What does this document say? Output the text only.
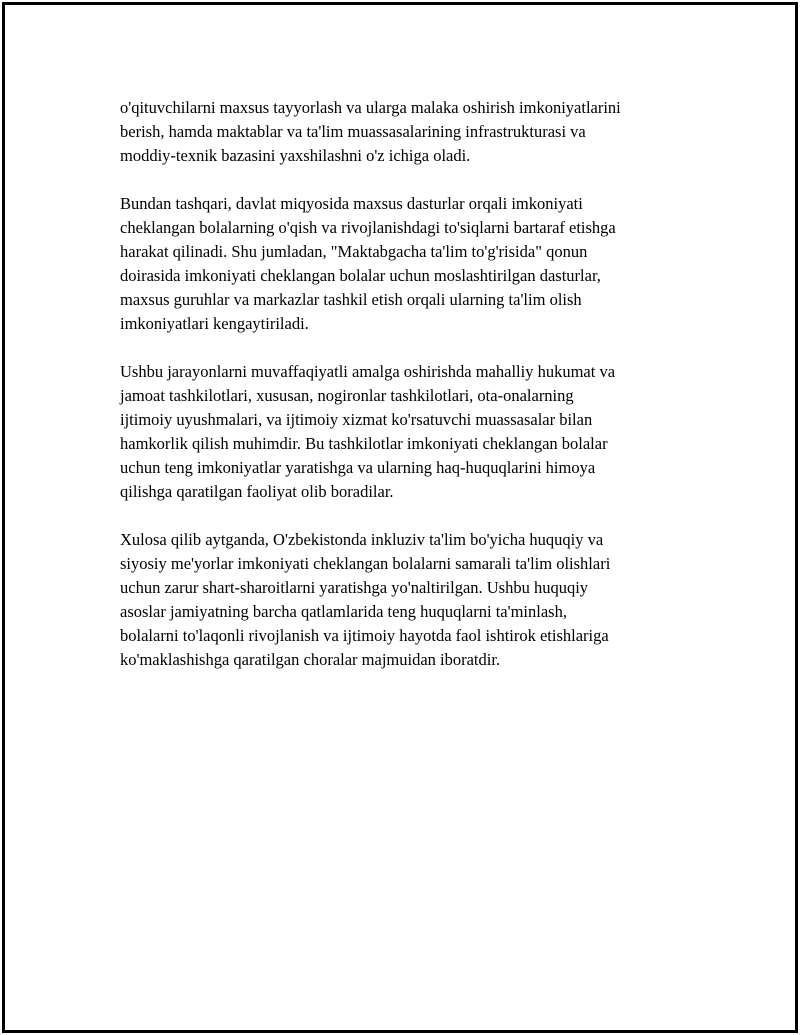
o'qituvchilarni maxsus tayyorlash va ularga malaka oshirish imkoniyatlarini
berish, hamda maktablar va ta'lim muassasalarining infrastrukturasi va
moddiy-texnik bazasini yaxshilashni o'z ichiga oladi.

Bundan tashqari, davlat miqyosida maxsus dasturlar orqali imkoniyati
cheklangan bolalarning o'qish va rivojlanishdagi to'siqlarni bartaraf etishga
harakat qilinadi. Shu jumladan, "Maktabgacha ta'lim to'g'risida" qonun
doirasida imkoniyati cheklangan bolalar uchun moslashtirilgan dasturlar,
maxsus guruhlar va markazlar tashkil etish orqali ularning ta'lim olish
imkoniyatlari kengaytiriladi.

Ushbu jarayonlarni muvaffaqiyatli amalga oshirishda mahalliy hukumat va
jamoat tashkilotlari, xususan, nogironlar tashkilotlari, ota-onalarning
ijtimoiy uyushmalari, va ijtimoiy xizmat ko'rsatuvchi muassasalar bilan
hamkorlik qilish muhimdir. Bu tashkilotlar imkoniyati cheklangan bolalar
uchun teng imkoniyatlar yaratishga va ularning haq-huquqlarini himoya
qilishga qaratilgan faoliyat olib boradilar.

Xulosa qilib aytganda, O'zbekistonda inkluziv ta'lim bo'yicha huquqiy va
siyosiy me'yorlar imkoniyati cheklangan bolalarni samarali ta'lim olishlari
uchun zarur shart-sharoitlarni yaratishga yo'naltirilgan. Ushbu huquqiy
asoslar jamiyatning barcha qatlamlarida teng huquqlarni ta'minlash,
bolalarni to'laqonli rivojlanish va ijtimoiy hayotda faol ishtirok etishlariga
ko'maklashishga qaratilgan choralar majmuidan iboratdir.
